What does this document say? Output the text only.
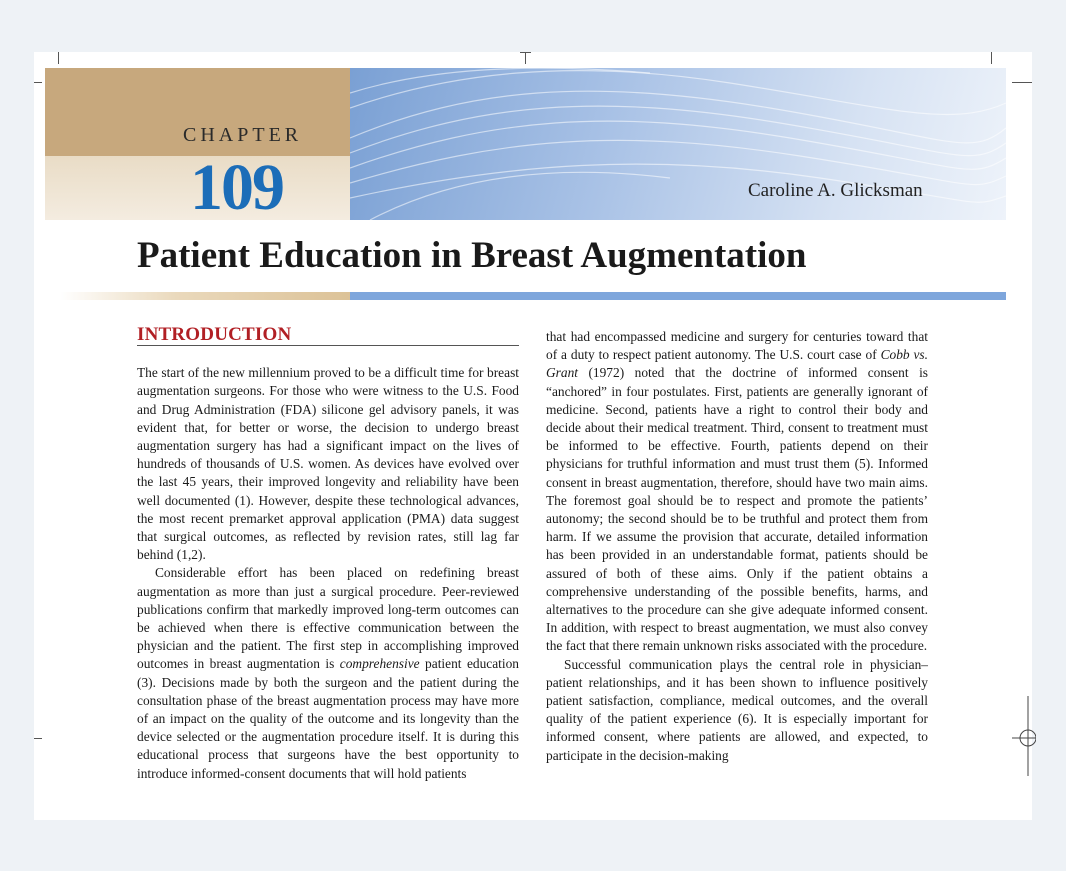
CHAPTER
109	Caroline A. Glicksman
Patient Education in Breast Augmentation
INTRODUCTION

The start of the new millennium proved to be a difficult time for breast augmentation surgeons. For those who were witness to the U.S. Food and Drug Administration (FDA) silicone gel advisory panels, it was evident that, for better or worse, the decision to undergo breast augmentation surgery has had a significant impact on the lives of hundreds of thousands of U.S. women. As devices have evolved over the last 45 years, their improved longevity and reliability have been well documented (1). However, despite these technological advances, the most recent premarket approval application (PMA) data suggest that surgical outcomes, as reflected by revision rates, still lag far behind (1,2).

Considerable effort has been placed on redefining breast augmentation as more than just a surgical procedure. Peer-reviewed publications confirm that markedly improved long-term outcomes can be achieved when there is effective communication between the physician and the patient. The first step in accomplishing improved outcomes in breast augmentation is comprehensive patient education (3). Decisions made by both the surgeon and the patient during the consultation phase of the breast augmentation process may have more of an impact on the quality of the outcome and its longevity than the device selected or the augmentation procedure itself. It is during this educational process that surgeons have the best opportunity to introduce informed-consent documents that will hold patients

that had encompassed medicine and surgery for centuries toward that of a duty to respect patient autonomy. The U.S. court case of Cobb vs. Grant (1972) noted that the doctrine of informed consent is “anchored” in four postulates. First, patients are generally ignorant of medicine. Second, patients have a right to control their body and decide about their medical treatment. Third, consent to treatment must be informed to be effective. Fourth, patients depend on their physicians for truthful information and must trust them (5). Informed consent in breast augmentation, therefore, should have two main aims. The foremost goal should be to respect and promote the patients’ autonomy; the second should be to be truthful and protect them from harm. If we assume the provision that accurate, detailed information has been provided in an understandable format, patients should be assured of both of these aims. Only if the patient obtains a comprehensive understanding of the possible benefits, harms, and alternatives to the procedure can she give adequate informed consent. In addition, with respect to breast augmentation, we must also convey the fact that there remain unknown risks associated with the procedure.

Successful communication plays the central role in physician–patient relationships, and it has been shown to influence positively patient satisfaction, compliance, medical outcomes, and the overall quality of the patient experience (6). It is especially important for informed consent, where patients are allowed, and expected, to participate in the decision-making
